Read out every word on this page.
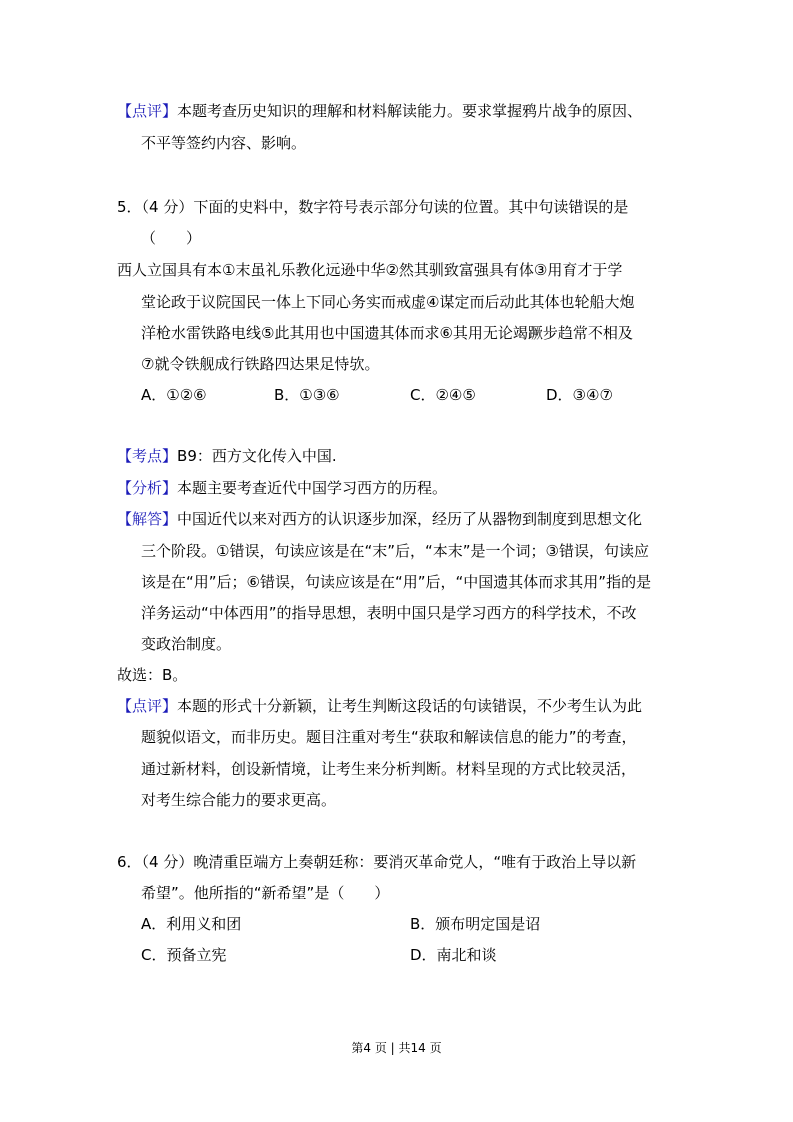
【点评】本题考查历史知识的理解和材料解读能力。要求掌握鸦片战争的原因、
不平等签约内容、影响。
5．（4 分）下面的史料中，数字符号表示部分句读的位置。其中句读错误的是
（　　）
西人立国具有本①末虽礼乐教化远逊中华②然其驯致富强具有体③用育才于学
堂论政于议院国民一体上下同心务实而戒虚④谋定而后动此其体也轮船大炮
洋枪水雷铁路电线⑤此其用也中国遗其体而求⑥其用无论竭蹶步趋常不相及
⑦就令铁舰成行铁路四达果足恃欤。
A．①②⑥	B．①③⑥	C．②④⑤	D．③④⑦
【考点】B9：西方文化传入中国.
【分析】本题主要考查近代中国学习西方的历程。
【解答】中国近代以来对西方的认识逐步加深，经历了从器物到制度到思想文化
三个阶段。①错误，句读应该是在“末”后，“本末”是一个词；③错误，句读应
该是在“用”后；⑥错误，句读应该是在“用”后，“中国遗其体而求其用”指的是
洋务运动“中体西用”的指导思想，表明中国只是学习西方的科学技术，不改
变政治制度。
故选：B。
【点评】本题的形式十分新颖，让考生判断这段话的句读错误，不少考生认为此
题貌似语文，而非历史。题目注重对考生“获取和解读信息的能力”的考查，
通过新材料，创设新情境，让考生来分析判断。材料呈现的方式比较灵活，
对考生综合能力的要求更高。
6．（4 分）晚清重臣端方上奏朝廷称：要消灭革命党人，“唯有于政治上导以新
希望”。他所指的“新希望”是（　　）
A．利用义和团	B．颁布明定国是诏
C．预备立宪	D．南北和谈
第4 页 | 共14 页
